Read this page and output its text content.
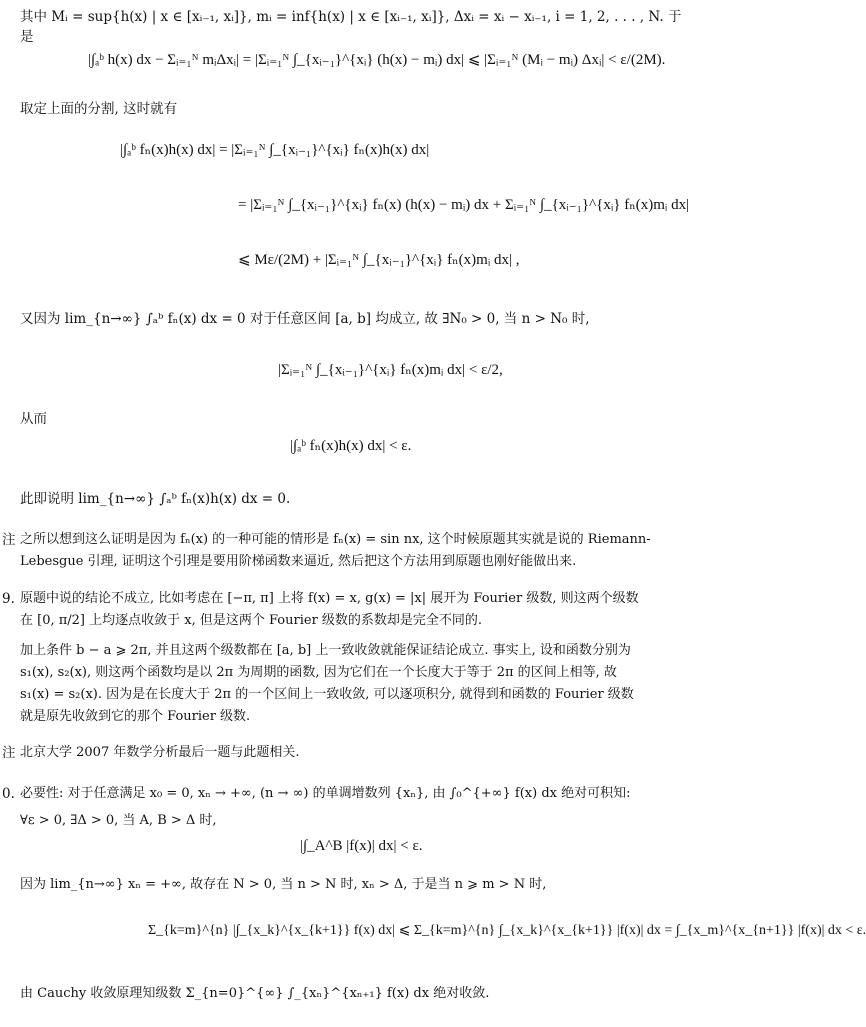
其中 Mᵢ = sup{h(x) | x ∈ [xᵢ₋₁, xᵢ]}, mᵢ = inf{h(x) | x ∈ [xᵢ₋₁, xᵢ]}, Δxᵢ = xᵢ − xᵢ₋₁, i = 1, 2, . . . , N. 于
是
|∫ₐᵇ h(x) dx − Σᵢ₌₁ᴺ mᵢΔxᵢ| = |Σᵢ₌₁ᴺ ∫_{xᵢ₋₁}^{xᵢ} (h(x) − mᵢ) dx| ⩽ |Σᵢ₌₁ᴺ (Mᵢ − mᵢ) Δxᵢ| < ε/(2M).
取定上面的分割, 这时就有
|∫ₐᵇ fₙ(x)h(x) dx| = |Σᵢ₌₁ᴺ ∫_{xᵢ₋₁}^{xᵢ} fₙ(x)h(x) dx|
= |Σᵢ₌₁ᴺ ∫_{xᵢ₋₁}^{xᵢ} fₙ(x) (h(x) − mᵢ) dx + Σᵢ₌₁ᴺ ∫_{xᵢ₋₁}^{xᵢ} fₙ(x)mᵢ dx|
⩽ Mε/(2M) + |Σᵢ₌₁ᴺ ∫_{xᵢ₋₁}^{xᵢ} fₙ(x)mᵢ dx| ,
又因为 lim_{n→∞} ∫ₐᵇ fₙ(x) dx = 0 对于任意区间 [a, b] 均成立, 故 ∃N₀ > 0, 当 n > N₀ 时,
|Σᵢ₌₁ᴺ ∫_{xᵢ₋₁}^{xᵢ} fₙ(x)mᵢ dx| < ε/2,
从而
|∫ₐᵇ fₙ(x)h(x) dx| < ε.
此即说明 lim_{n→∞} ∫ₐᵇ fₙ(x)h(x) dx = 0.
注 之所以想到这么证明是因为 fₙ(x) 的一种可能的情形是 fₙ(x) = sin nx, 这个时候原题其实就是说的 Riemann-
Lebesgue 引理, 证明这个引理是要用阶梯函数来逼近, 然后把这个方法用到原题也刚好能做出来.
9. 原题中说的结论不成立, 比如考虑在 [−π, π] 上将 f(x) = x, g(x) = |x| 展开为 Fourier 级数, 则这两个级数
在 [0, π/2] 上均逐点收敛于 x, 但是这两个 Fourier 级数的系数却是完全不同的.
加上条件 b − a ⩾ 2π, 并且这两个级数都在 [a, b] 上一致收敛就能保证结论成立. 事实上, 设和函数分别为
s₁(x), s₂(x), 则这两个函数均是以 2π 为周期的函数, 因为它们在一个长度大于等于 2π 的区间上相等, 故
s₁(x) = s₂(x). 因为是在长度大于 2π 的一个区间上一致收敛, 可以逐项积分, 就得到和函数的 Fourier 级数
就是原先收敛到它的那个 Fourier 级数.
注 北京大学 2007 年数学分析最后一题与此题相关.
0. 必要性: 对于任意满足 x₀ = 0, xₙ → +∞, (n → ∞) 的单调增数列 {xₙ}, 由 ∫₀^{+∞} f(x) dx 绝对可积知:
∀ε > 0, ∃Δ > 0, 当 A, B > Δ 时,
|∫_A^B |f(x)| dx| < ε.
因为 lim_{n→∞} xₙ = +∞, 故存在 N > 0, 当 n > N 时, xₙ > Δ, 于是当 n ⩾ m > N 时,
Σ_{k=m}^{n} |∫_{x_k}^{x_{k+1}} f(x) dx| ⩽ Σ_{k=m}^{n} ∫_{x_k}^{x_{k+1}} |f(x)| dx = ∫_{x_m}^{x_{n+1}} |f(x)| dx < ε.
由 Cauchy 收敛原理知级数 Σ_{n=0}^{∞} ∫_{xₙ}^{xₙ₊₁} f(x) dx 绝对收敛.
